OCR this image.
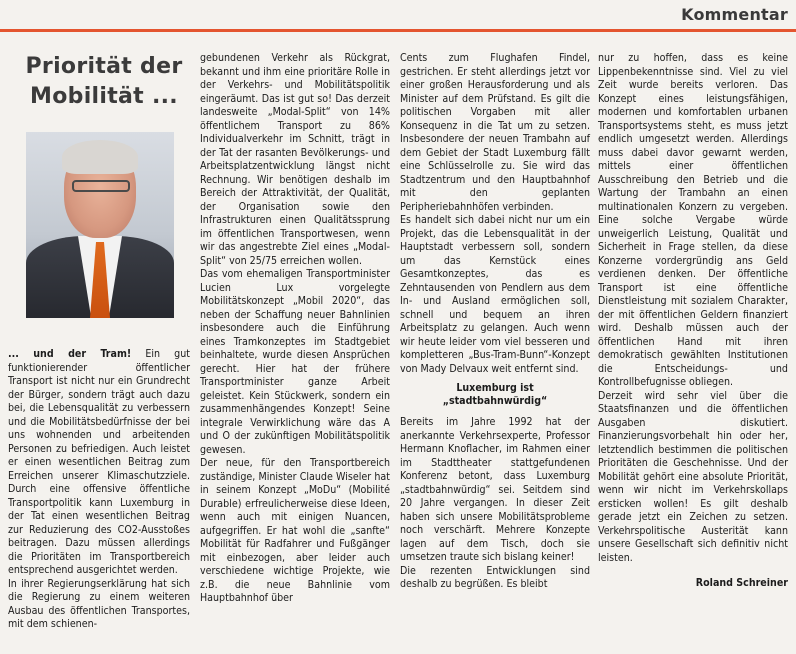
Kommentar
Priorität der
Mobilität ...

... und der Tram! Ein gut funktionierender öffentlicher Transport ist nicht nur ein Grundrecht der Bürger, sondern trägt auch dazu bei, die Lebensqualität zu verbessern und die Mobilitätsbedürfnisse der bei uns wohnenden und arbeitenden Personen zu befriedigen. Auch leistet er einen wesentlichen Beitrag zum Erreichen unserer Klimaschutzziele. Durch eine offensive öffentliche Transportpolitik kann Luxemburg in der Tat einen wesentlichen Beitrag zur Reduzierung des CO2-Ausstoßes beitragen. Dazu müssen allerdings die Prioritäten im Transportbereich entsprechend ausgerichtet werden.

In ihrer Regierungserklärung hat sich die Regierung zu einem weiteren Ausbau des öffentlichen Transportes, mit dem schienen-

gebundenen Verkehr als Rückgrat, bekannt und ihm eine prioritäre Rolle in der Verkehrs- und Mobilitätspolitik eingeräumt. Das ist gut so! Das derzeit landesweite „Modal-Split“ von 14% öffentlichem Transport zu 86% Individualverkehr im Schnitt, trägt in der Tat der rasanten Bevölkerungs- und Arbeitsplatzentwicklung längst nicht Rechnung. Wir benötigen deshalb im Bereich der Attraktivität, der Qualität, der Organisation sowie den Infrastrukturen einen Qualitätssprung im öffentlichen Transportwesen, wenn wir das angestrebte Ziel eines „Modal-Split“ von 25/75 erreichen wollen.

Das vom ehemaligen Transportminister Lucien Lux vorgelegte Mobilitätskonzept „Mobil 2020“, das neben der Schaffung neuer Bahnlinien insbesondere auch die Einführung eines Tramkonzeptes im Stadtgebiet beinhaltete, wurde diesen Ansprüchen gerecht. Hier hat der frühere Transportminister ganze Arbeit geleistet. Kein Stückwerk, sondern ein zusammenhängendes Konzept! Seine integrale Verwirklichung wäre das A und O der zukünftigen Mobilitätspolitik gewesen.

Der neue, für den Transportbereich zuständige, Minister Claude Wiseler hat in seinem Konzept „MoDu“ (Mobilité Durable) erfreulicherweise diese Ideen, wenn auch mit einigen Nuancen, aufgegriffen. Er hat wohl die „sanfte“ Mobilität für Radfahrer und Fußgänger mit einbezogen, aber leider auch verschiedene wichtige Projekte, wie z.B. die neue Bahnlinie vom Hauptbahnhof über

Cents zum Flughafen Findel, gestrichen. Er steht allerdings jetzt vor einer großen Herausforderung und als Minister auf dem Prüfstand. Es gilt die politischen Vorgaben mit aller Konsequenz in die Tat um zu setzen. Insbesondere der neuen Trambahn auf dem Gebiet der Stadt Luxemburg fällt eine Schlüsselrolle zu. Sie wird das Stadtzentrum und den Hauptbahnhof mit den geplanten Peripheriebahnhöfen verbinden.

Es handelt sich dabei nicht nur um ein Projekt, das die Lebensqualität in der Hauptstadt verbessern soll, sondern um das Kernstück eines Gesamtkonzeptes, das es Zehntausenden von Pendlern aus dem In- und Ausland ermöglichen soll, schnell und bequem an ihren Arbeitsplatz zu gelangen. Auch wenn wir heute leider vom viel besseren und kompletteren „Bus-Tram-Bunn“-Konzept von Mady Delvaux weit entfernt sind.

Luxemburg ist
„stadtbahnwürdig“

Bereits im Jahre 1992 hat der anerkannte Verkehrsexperte, Professor Hermann Knoflacher, im Rahmen einer im Stadttheater stattgefundenen Konferenz betont, dass Luxemburg „stadtbahnwürdig“ sei. Seitdem sind 20 Jahre vergangen. In dieser Zeit haben sich unsere Mobilitätsprobleme noch verschärft. Mehrere Konzepte lagen auf dem Tisch, doch sie umsetzen traute sich bislang keiner!

Die rezenten Entwicklungen sind deshalb zu begrüßen. Es bleibt

nur zu hoffen, dass es keine Lippenbekenntnisse sind. Viel zu viel Zeit wurde bereits verloren. Das Konzept eines leistungsfähigen, modernen und komfortablen urbanen Transportsystems steht, es muss jetzt endlich umgesetzt werden. Allerdings muss dabei davor gewarnt werden, mittels einer öffentlichen Ausschreibung den Betrieb und die Wartung der Trambahn an einen multinationalen Konzern zu vergeben. Eine solche Vergabe würde unweigerlich Leistung, Qualität und Sicherheit in Frage stellen, da diese Konzerne vordergründig ans Geld verdienen denken. Der öffentliche Transport ist eine öffentliche Dienstleistung mit sozialem Charakter, der mit öffentlichen Geldern finanziert wird. Deshalb müssen auch der öffentlichen Hand mit ihren demokratisch gewählten Institutionen die Entscheidungs- und Kontrollbefugnisse obliegen.

Derzeit wird sehr viel über die Staatsfinanzen und die öffentlichen Ausgaben diskutiert. Finanzierungsvorbehalt hin oder her, letztendlich bestimmen die politischen Prioritäten die Geschehnisse. Und der Mobilität gehört eine absolute Priorität, wenn wir nicht im Verkehrskollaps ersticken wollen! Es gilt deshalb gerade jetzt ein Zeichen zu setzen. Verkehrspolitische Austerität kann unsere Gesellschaft sich definitiv nicht leisten.

Roland Schreiner
